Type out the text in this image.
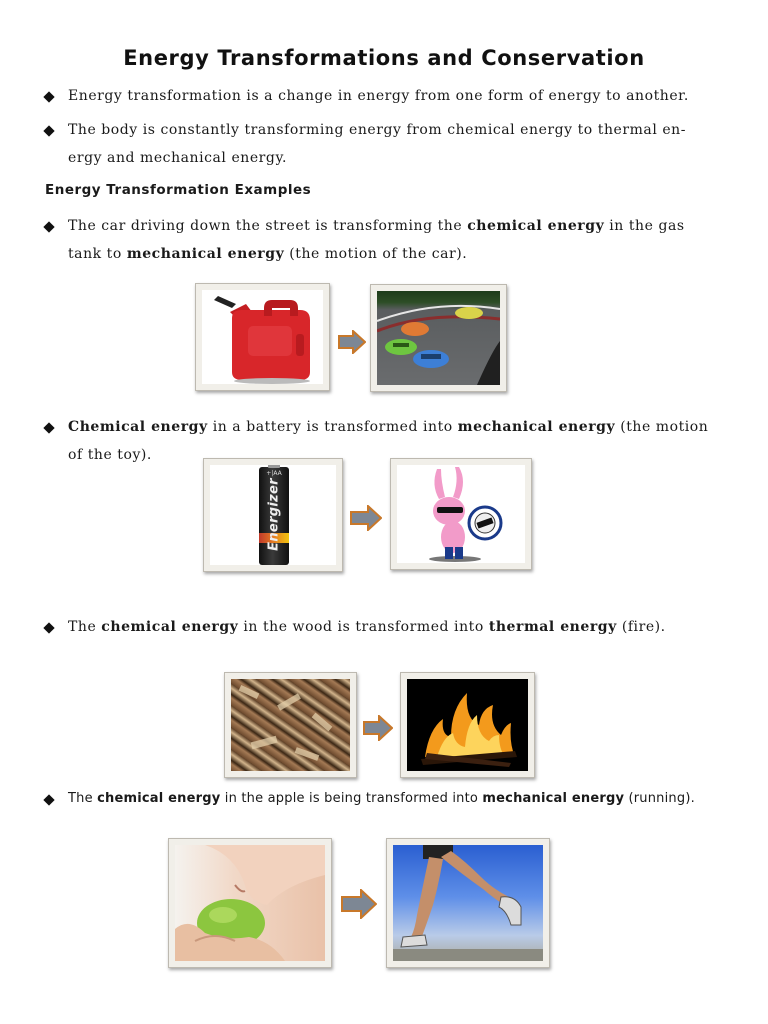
Energy Transformations and Conservation
Energy transformation is a change in energy from one form of energy to another.
The body is constantly transforming energy from chemical energy to thermal en-
ergy and mechanical energy.
Energy Transformation Examples
The car driving down the street is transforming the chemical energy in the gas
tank to mechanical energy (the motion of the car).
Chemical energy in a battery is transformed into mechanical energy (the motion
of the toy).
+|AA
Energizer
The chemical energy in the wood is transformed into thermal energy (fire).
The chemical energy in the apple is being transformed into mechanical energy (running).
